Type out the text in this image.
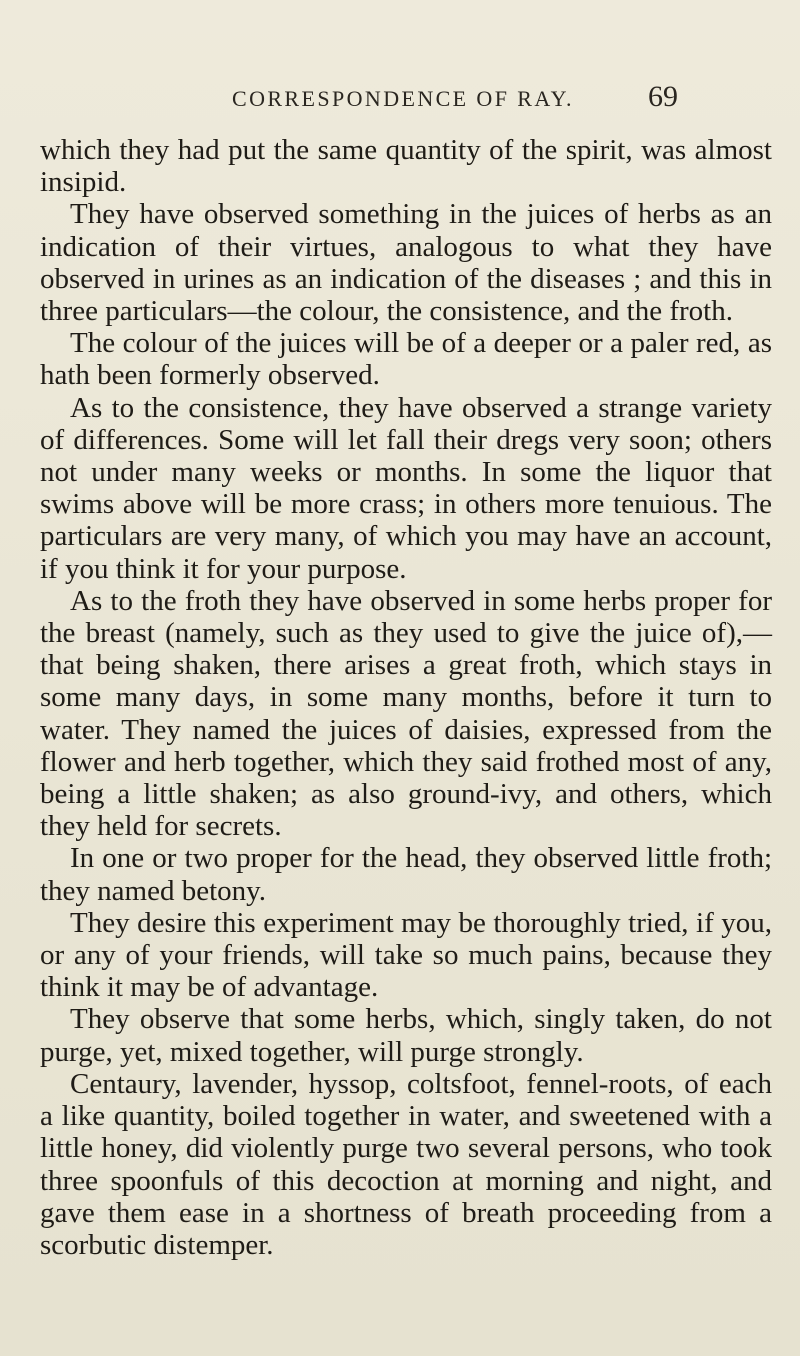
CORRESPONDENCE OF RAY. 69

which they had put the same quantity of the spirit, was almost insipid.

They have observed something in the juices of herbs as an indication of their virtues, analogous to what they have observed in urines as an indication of the diseases ; and this in three particulars—the colour, the consistence, and the froth.

The colour of the juices will be of a deeper or a paler red, as hath been formerly observed.

As to the consistence, they have observed a strange variety of differences. Some will let fall their dregs very soon; others not under many weeks or months. In some the liquor that swims above will be more crass; in others more tenuious. The particulars are very many, of which you may have an account, if you think it for your purpose.

As to the froth they have observed in some herbs proper for the breast (namely, such as they used to give the juice of),—that being shaken, there arises a great froth, which stays in some many days, in some many months, before it turn to water. They named the juices of daisies, expressed from the flower and herb together, which they said frothed most of any, being a little shaken; as also ground-ivy, and others, which they held for secrets.

In one or two proper for the head, they observed little froth; they named betony.

They desire this experiment may be thoroughly tried, if you, or any of your friends, will take so much pains, because they think it may be of advantage.

They observe that some herbs, which, singly taken, do not purge, yet, mixed together, will purge strongly.

Centaury, lavender, hyssop, coltsfoot, fennel-roots, of each a like quantity, boiled together in water, and sweetened with a little honey, did violently purge two several persons, who took three spoonfuls of this decoction at morning and night, and gave them ease in a shortness of breath proceeding from a scorbutic distemper.
